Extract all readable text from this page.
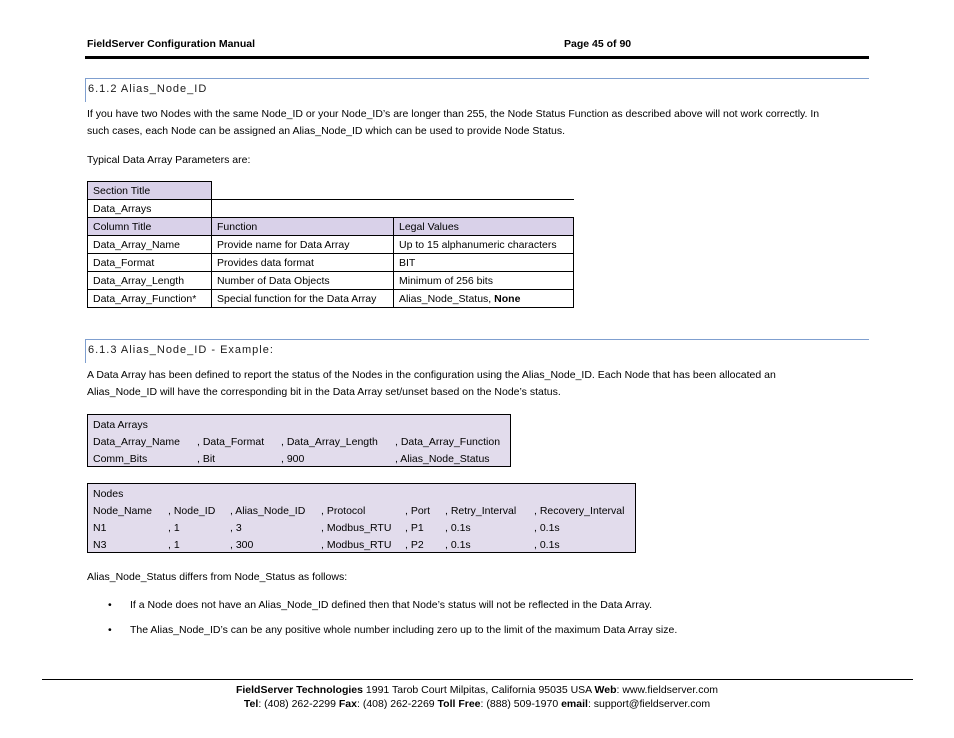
FieldServer Configuration Manual	Page 45 of 90
6.1.2 Alias_Node_ID
If you have two Nodes with the same Node_ID or your Node_ID’s are longer than 255, the Node Status Function as described above will not work correctly. In
such cases, each Node can be assigned an Alias_Node_ID which can be used to provide Node Status.
Typical Data Array Parameters are:
Section Title		
Data_Arrays		
Column Title	Function	Legal Values
Data_Array_Name	Provide name for Data Array	Up to 15 alphanumeric characters
Data_Format	Provides data format	BIT
Data_Array_Length	Number of Data Objects	Minimum of 256 bits
Data_Array_Function*	Special function for the Data Array	Alias_Node_Status, None
6.1.3 Alias_Node_ID - Example:
A Data Array has been defined to report the status of the Nodes in the configuration using the Alias_Node_ID. Each Node that has been allocated an
Alias_Node_ID will have the corresponding bit in the Data Array set/unset based on the Node’s status.
Data Arrays
Data_Array_Name , Data_Format , Data_Array_Length , Data_Array_Function
Comm_Bits	, Bit	, 900	, Alias_Node_Status
Nodes
Node_Name , Node_ID , Alias_Node_ID , Protocol	, Port , Retry_Interval , Recovery_Interval
N1	, 1	, 3	, Modbus_RTU , P1 , 0.1s	, 0.1s
N3	, 1	, 300	, Modbus_RTU , P2 , 0.1s	, 0.1s
Alias_Node_Status differs from Node_Status as follows:
• If a Node does not have an Alias_Node_ID defined then that Node’s status will not be reflected in the Data Array.
• The Alias_Node_ID’s can be any positive whole number including zero up to the limit of the maximum Data Array size.
FieldServer Technologies 1991 Tarob Court Milpitas, California 95035 USA Web: www.fieldserver.com
Tel: (408) 262-2299 Fax: (408) 262-2269 Toll Free: (888) 509-1970 email: support@fieldserver.com
